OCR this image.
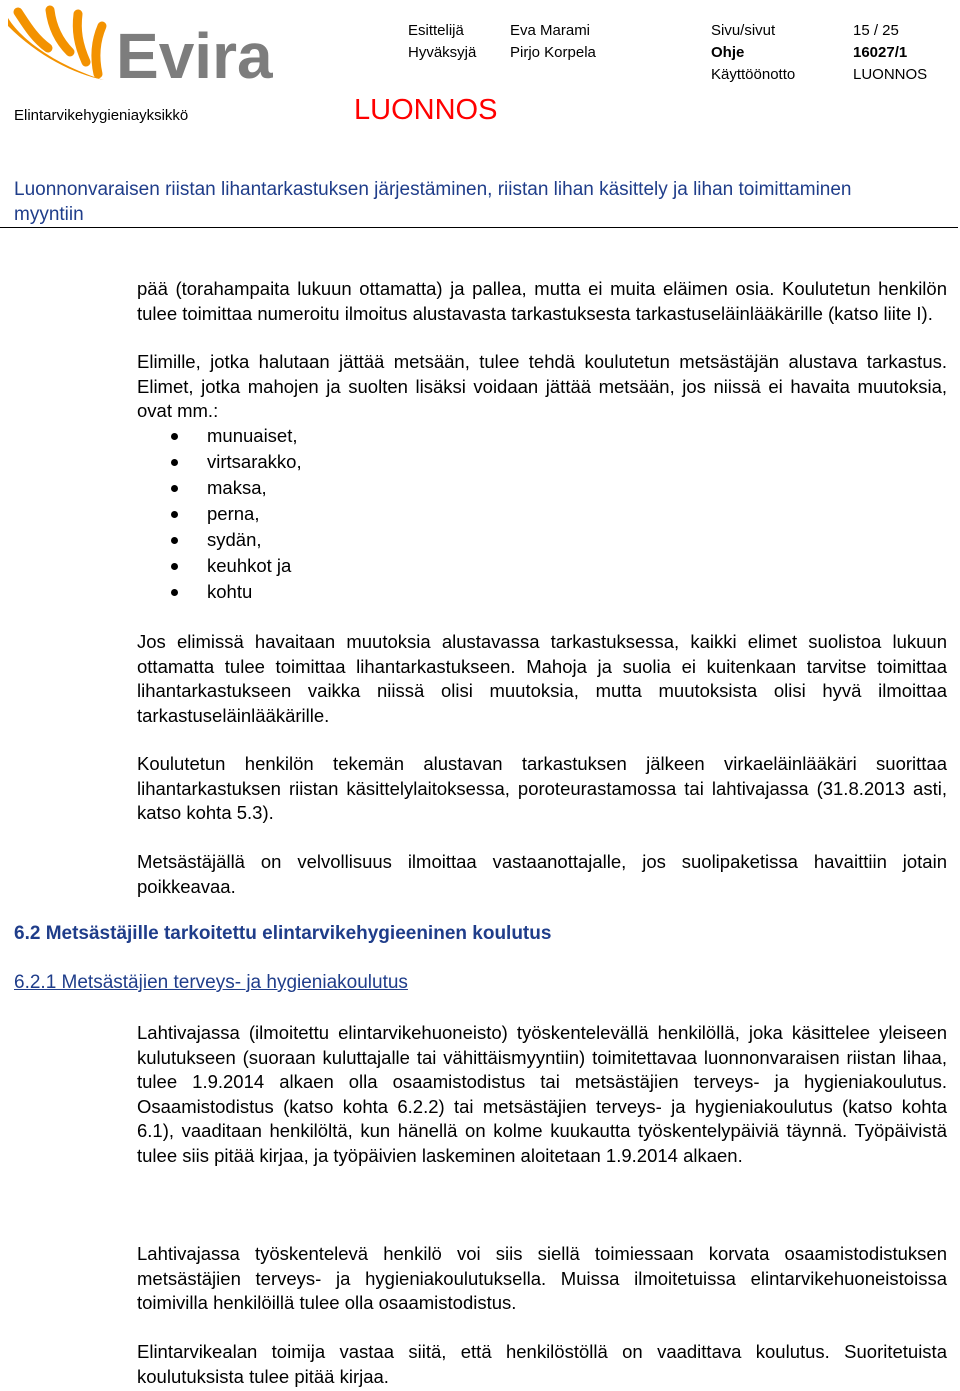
Evira
Elintarvikehygieniayksikkö	LUONNOS
Esittelijä	Eva Marami	Sivu/sivut	15 / 25
Hyväksyjä Pirjo Korpela	Ohje	16027/1
Käyttöönotto	LUONNOS
Luonnonvaraisen riistan lihantarkastuksen järjestäminen, riistan lihan käsittely ja lihan toimittaminen myyntiin

pää (torahampaita lukuun ottamatta) ja pallea, mutta ei muita eläimen osia. Koulutetun henkilön tulee toimittaa numeroitu ilmoitus alustavasta tarkastuksesta tarkastuseläinlääkärille (katso liite I).

Elimille, jotka halutaan jättää metsään, tulee tehdä koulutetun metsästäjän alustava tarkastus. Elimet, jotka mahojen ja suolten lisäksi voidaan jättää metsään, jos niissä ei havaita muutoksia, ovat mm.:

munuaiset,
virtsarakko,
maksa,
perna,
sydän,
keuhkot ja
kohtu

Jos elimissä havaitaan muutoksia alustavassa tarkastuksessa, kaikki elimet suolistoa lukuun ottamatta tulee toimittaa lihantarkastukseen. Mahoja ja suolia ei kuitenkaan tarvitse toimittaa lihantarkastukseen vaikka niissä olisi muutoksia, mutta muutoksista olisi hyvä ilmoittaa tarkastuseläinlääkärille.

Koulutetun henkilön tekemän alustavan tarkastuksen jälkeen virkaeläinlääkäri suorittaa lihantarkastuksen riistan käsittelylaitoksessa, poroteurastamossa tai lahtivajassa (31.8.2013 asti, katso kohta 5.3).

Metsästäjällä on velvollisuus ilmoittaa vastaanottajalle, jos suolipaketissa havaittiin jotain poikkeavaa.

6.2 Metsästäjille tarkoitettu elintarvikehygieeninen koulutus
6.2.1 Metsästäjien terveys- ja hygieniakoulutus

Lahtivajassa (ilmoitettu elintarvikehuoneisto) työskentelevällä henkilöllä, joka käsittelee yleiseen kulutukseen (suoraan kuluttajalle tai vähittäismyyntiin) toimitettavaa luonnonvaraisen riistan lihaa, tulee 1.9.2014 alkaen olla osaamistodistus tai metsästäjien terveys- ja hygieniakoulutus. Osaamistodistus (katso kohta 6.2.2) tai metsästäjien terveys- ja hygieniakoulutus (katso kohta 6.1), vaaditaan henkilöltä, kun hänellä on kolme kuukautta työskentelypäiviä täynnä. Työpäivistä tulee siis pitää kirjaa, ja työpäivien laskeminen aloitetaan 1.9.2014 alkaen.

Lahtivajassa työskentelevä henkilö voi siis siellä toimiessaan korvata osaamistodistuksen metsästäjien terveys- ja hygieniakoulutuksella. Muissa ilmoitetuissa elintarvikehuoneistoissa toimivilla henkilöillä tulee olla osaamistodistus.

Elintarvikealan toimija vastaa siitä, että henkilöstöllä on vaadittava koulutus. Suoritetuista koulutuksista tulee pitää kirjaa.
